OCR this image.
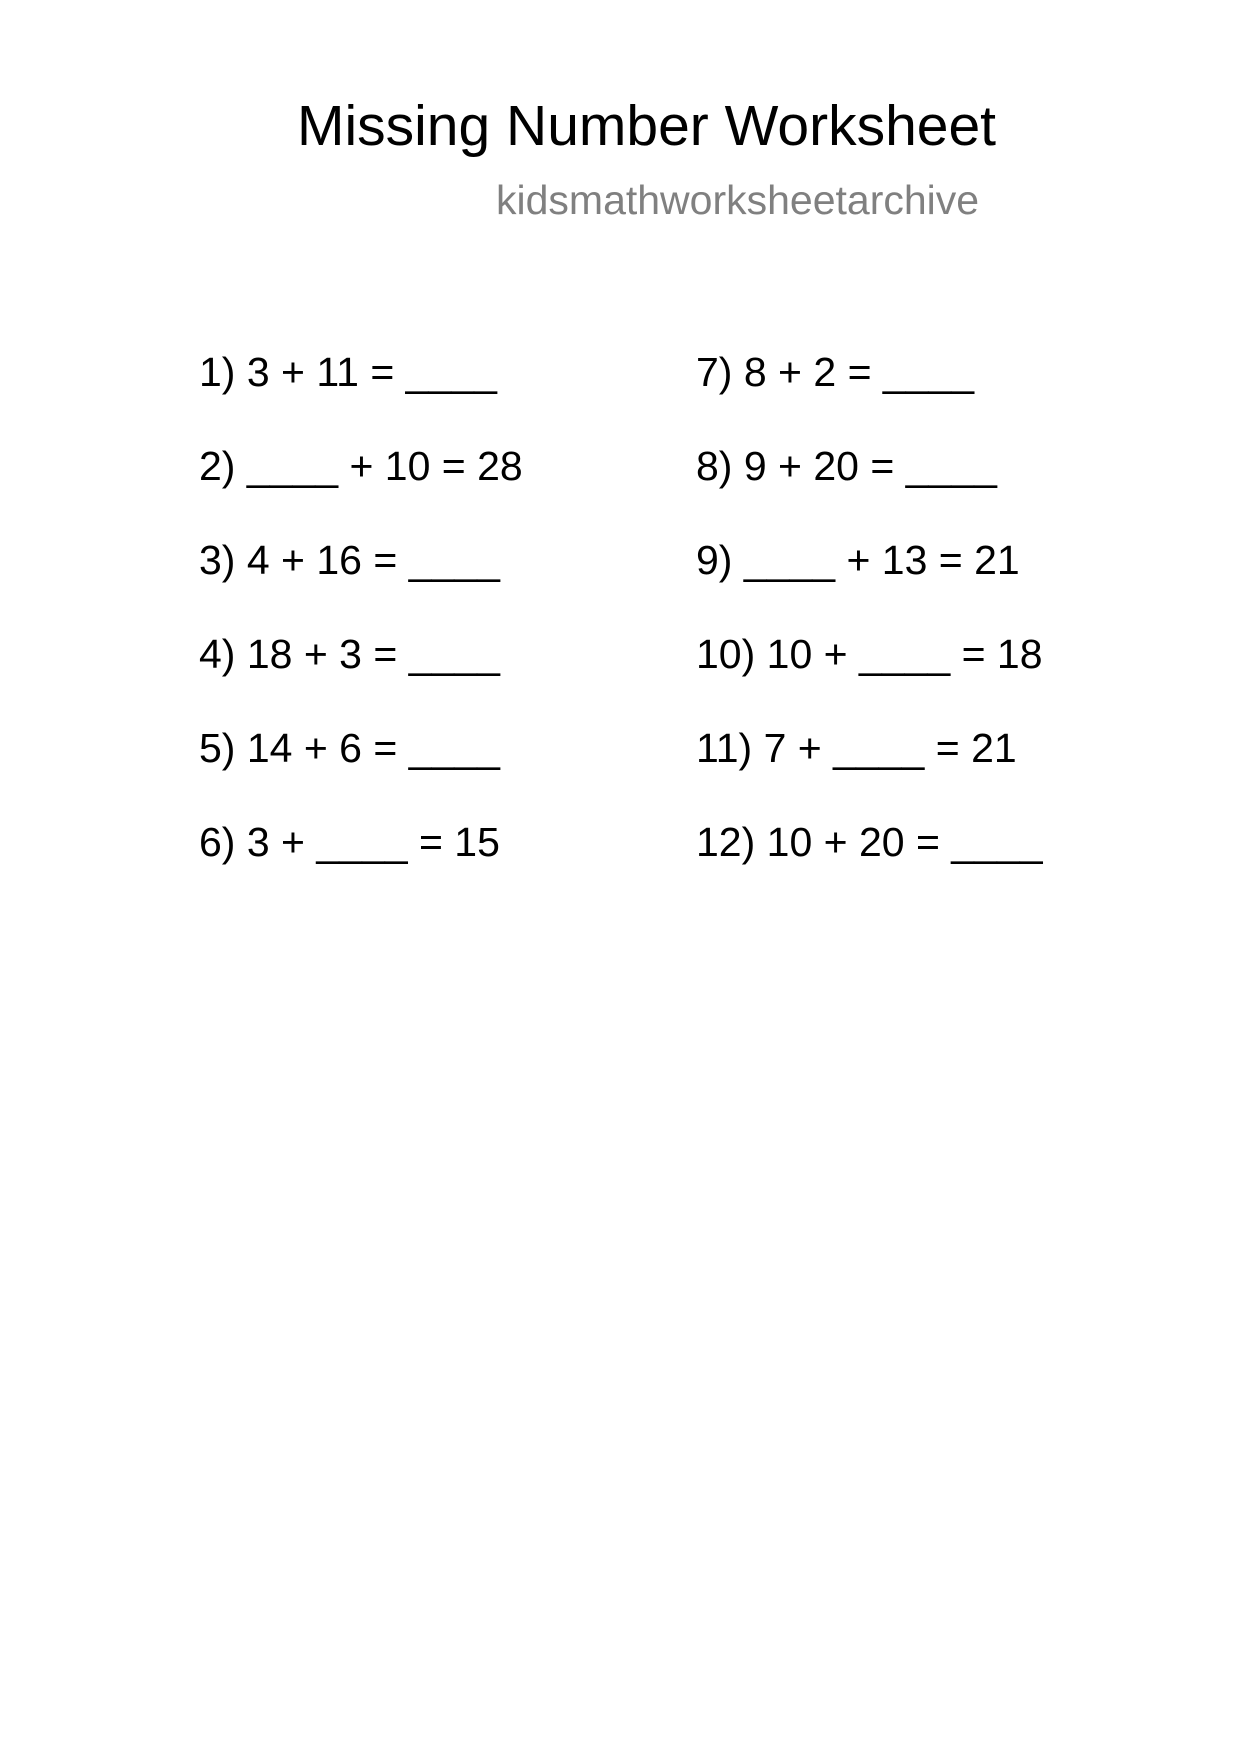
Missing Number Worksheet
kidsmathworksheetarchive
1) 3 + 11 = ____
2) ____ + 10 = 28
3) 4 + 16 = ____
4) 18 + 3 = ____
5) 14 + 6 = ____
6) 3 + ____ = 15
7) 8 + 2 = ____
8) 9 + 20 = ____
9) ____ + 13 = 21
10) 10 + ____ = 18
11) 7 + ____ = 21
12) 10 + 20 = ____
